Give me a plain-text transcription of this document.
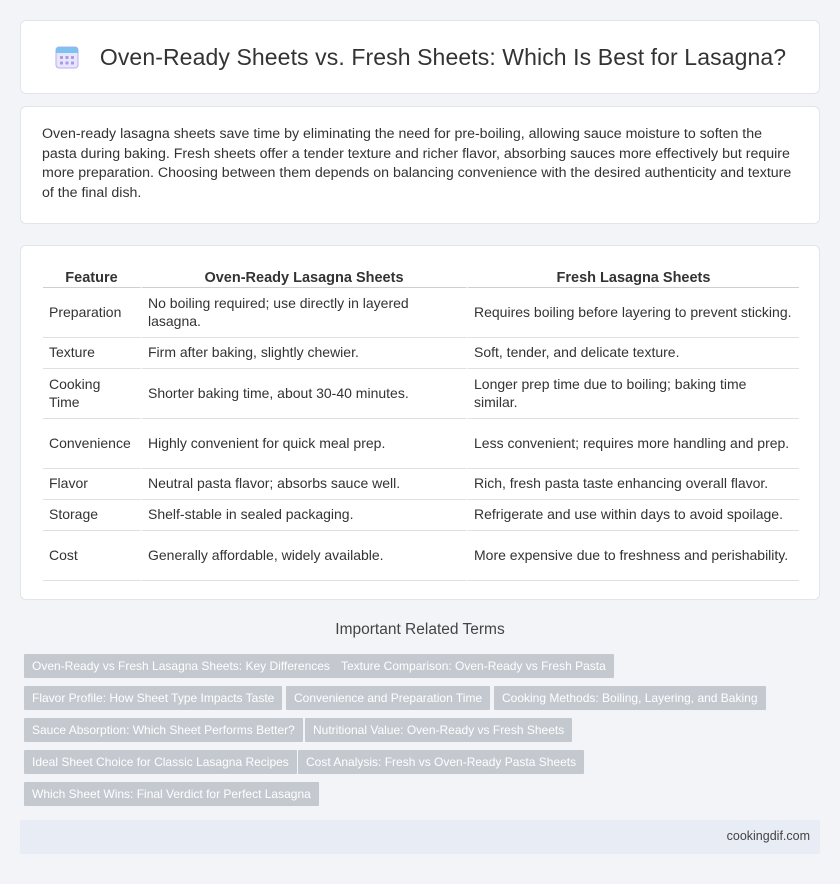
Oven-Ready Sheets vs. Fresh Sheets: Which Is Best for Lasagna?

Oven-ready lasagna sheets save time by eliminating the need for pre-boiling, allowing sauce moisture to soften the pasta during baking. Fresh sheets offer a tender texture and richer flavor, absorbing sauces more effectively but require more preparation. Choosing between them depends on balancing convenience with the desired authenticity and texture of the final dish.

Feature	Oven-Ready Lasagna Sheets	Fresh Lasagna Sheets
Preparation	No boiling required; use directly in layered lasagna.	Requires boiling before layering to prevent sticking.
Texture	Firm after baking, slightly chewier.	Soft, tender, and delicate texture.
Cooking Time	Shorter baking time, about 30-40 minutes.	Longer prep time due to boiling; baking time similar.
Convenience	Highly convenient for quick meal prep.	Less convenient; requires more handling and prep.
Flavor	Neutral pasta flavor; absorbs sauce well.	Rich, fresh pasta taste enhancing overall flavor.
Storage	Shelf-stable in sealed packaging.	Refrigerate and use within days to avoid spoilage.
Cost	Generally affordable, widely available.	More expensive due to freshness and perishability.
Important Related Terms
Oven-Ready vs Fresh Lasagna Sheets: Key Differences Texture Comparison: Oven-Ready vs Fresh Pasta
Flavor Profile: How Sheet Type Impacts Taste	Convenience and Preparation Time	Cooking Methods: Boiling, Layering, and Baking
Sauce Absorption: Which Sheet Performs Better?	Nutritional Value: Oven-Ready vs Fresh Sheets
Ideal Sheet Choice for Classic Lasagna Recipes	Cost Analysis: Fresh vs Oven-Ready Pasta Sheets
Which Sheet Wins: Final Verdict for Perfect Lasagna
cookingdif.com
